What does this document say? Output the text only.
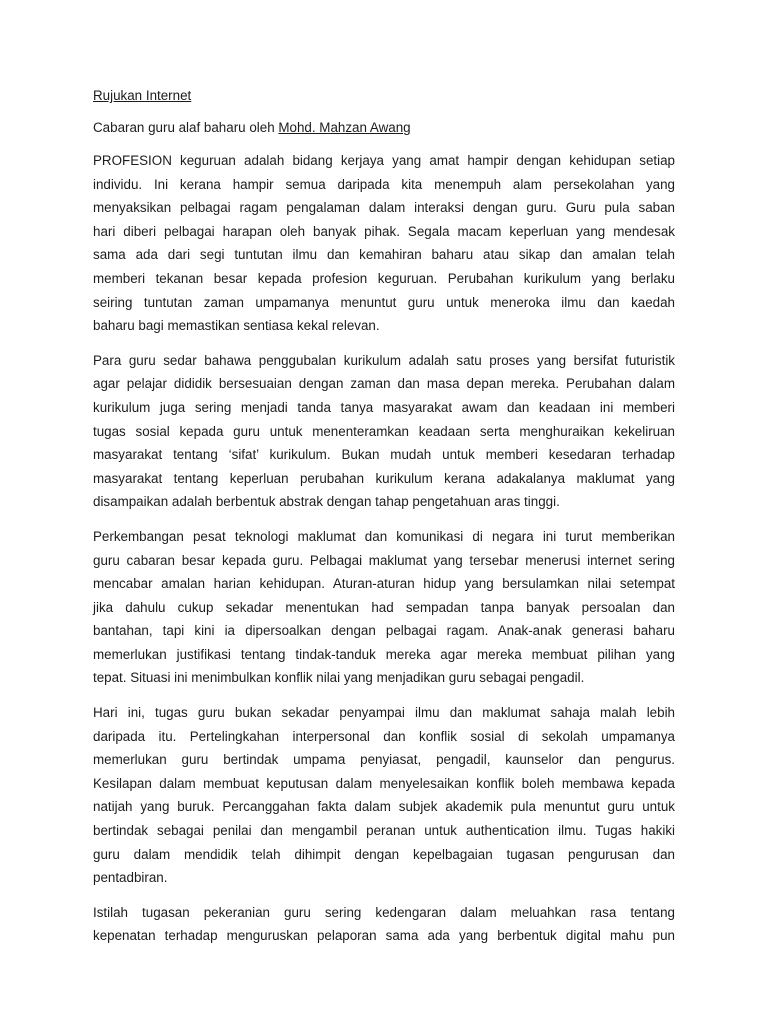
Rujukan Internet

Cabaran guru alaf baharu oleh Mohd. Mahzan Awang

PROFESION keguruan adalah bidang kerjaya yang amat hampir dengan kehidupan setiap
individu. Ini kerana hampir semua daripada kita menempuh alam persekolahan yang
menyaksikan pelbagai ragam pengalaman dalam interaksi dengan guru. Guru pula saban
hari diberi pelbagai harapan oleh banyak pihak. Segala macam keperluan yang mendesak
sama ada dari segi tuntutan ilmu dan kemahiran baharu atau sikap dan amalan telah
memberi tekanan besar kepada profesion keguruan. Perubahan kurikulum yang berlaku
seiring tuntutan zaman umpamanya menuntut guru untuk meneroka ilmu dan kaedah
baharu bagi memastikan sentiasa kekal relevan.

Para guru sedar bahawa penggubalan kurikulum adalah satu proses yang bersifat futuristik
agar pelajar dididik bersesuaian dengan zaman dan masa depan mereka. Perubahan dalam
kurikulum juga sering menjadi tanda tanya masyarakat awam dan keadaan ini memberi
tugas sosial kepada guru untuk menenteramkan keadaan serta menghuraikan kekeliruan
masyarakat tentang ‘sifat’ kurikulum. Bukan mudah untuk memberi kesedaran terhadap
masyarakat tentang keperluan perubahan kurikulum kerana adakalanya maklumat yang
disampaikan adalah berbentuk abstrak dengan tahap pengetahuan aras tinggi.

Perkembangan pesat teknologi maklumat dan komunikasi di negara ini turut memberikan
guru cabaran besar kepada guru. Pelbagai maklumat yang tersebar menerusi internet sering
mencabar amalan harian kehidupan. Aturan-aturan hidup yang bersulamkan nilai setempat
jika dahulu cukup sekadar menentukan had sempadan tanpa banyak persoalan dan
bantahan, tapi kini ia dipersoalkan dengan pelbagai ragam. Anak-anak generasi baharu
memerlukan justifikasi tentang tindak-tanduk mereka agar mereka membuat pilihan yang
tepat. Situasi ini menimbulkan konflik nilai yang menjadikan guru sebagai pengadil.

Hari ini, tugas guru bukan sekadar penyampai ilmu dan maklumat sahaja malah lebih
daripada itu. Pertelingkahan interpersonal dan konflik sosial di sekolah umpamanya
memerlukan guru bertindak umpama penyiasat, pengadil, kaunselor dan pengurus.
Kesilapan dalam membuat keputusan dalam menyelesaikan konflik boleh membawa kepada
natijah yang buruk. Percanggahan fakta dalam subjek akademik pula menuntut guru untuk
bertindak sebagai penilai dan mengambil peranan untuk authentication ilmu. Tugas hakiki
guru dalam mendidik telah dihimpit dengan kepelbagaian tugasan pengurusan dan
pentadbiran.

Istilah tugasan pekeranian guru sering kedengaran dalam meluahkan rasa tentang
kepenatan terhadap menguruskan pelaporan sama ada yang berbentuk digital mahu pun
